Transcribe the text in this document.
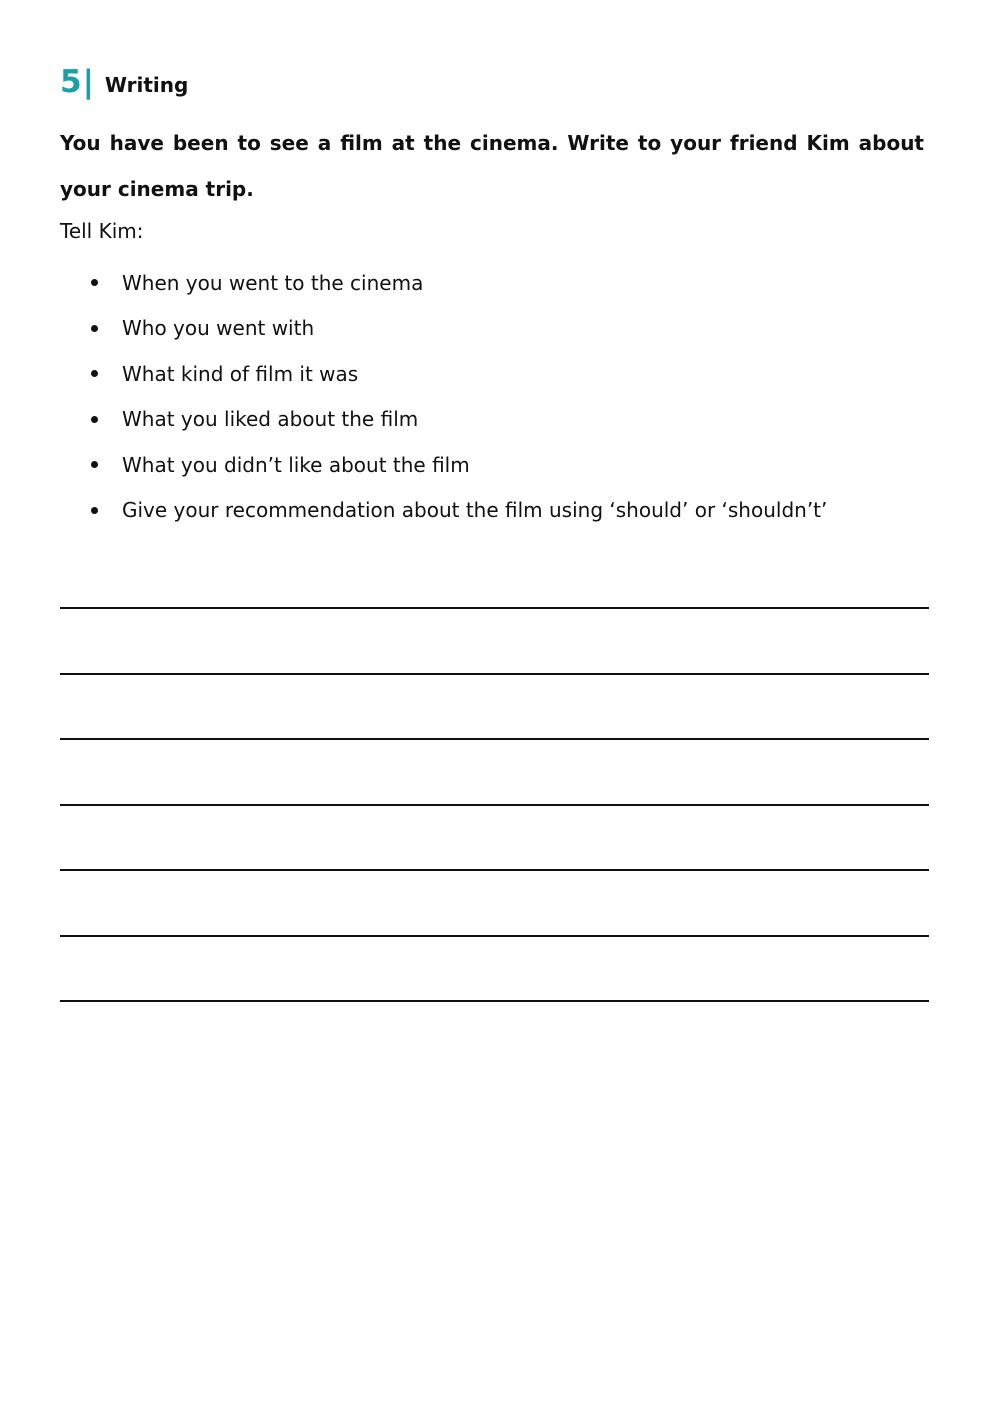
5 | Writing
You have been to see a film at the cinema. Write to your friend Kim about your cinema trip.
Tell Kim:
When you went to the cinema
Who you went with
What kind of film it was
What you liked about the film
What you didn’t like about the film
Give your recommendation about the film using ‘should’ or ‘shouldn’t’
